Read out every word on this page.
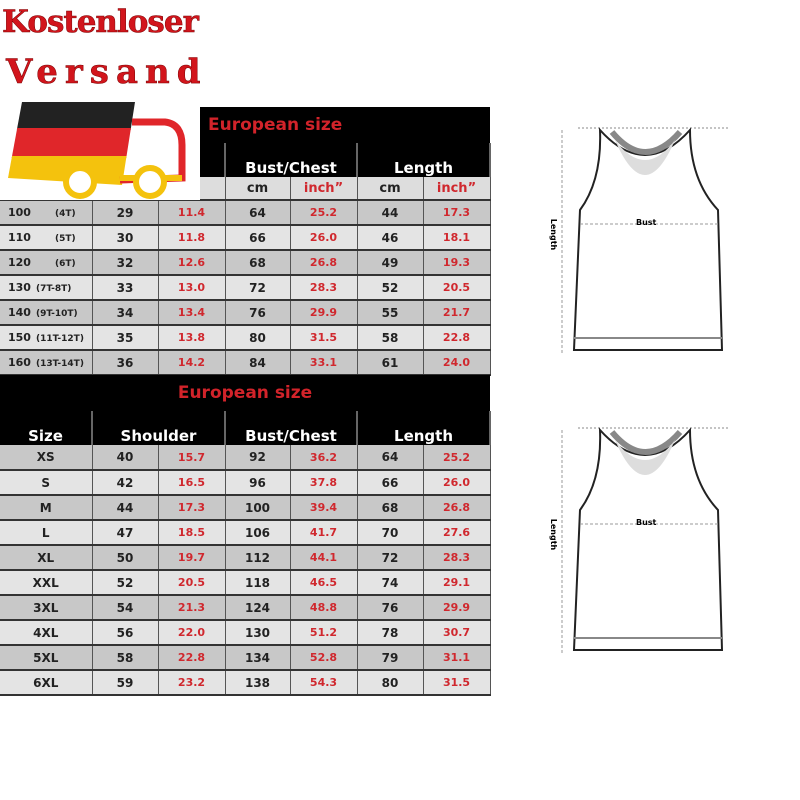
European size						
			Bust/Chest		Length	
			cm	inch”	cm	inch”
100 (4T)	29	11.4	64	25.2	44	17.3
110 (5T)	30	11.8	66	26.0	46	18.1
120 (6T)	32	12.6	68	26.8	49	19.3
130 (7T-8T)	33	13.0	72	28.3	52	20.5
140 (9T-10T)	34	13.4	76	29.9	55	21.7
150 (11T-12T)	35	13.8	80	31.5	58	22.8
160 (13T-14T)	36	14.2	84	33.1	61	24.0
European size						
Size	Shoulder		Bust/Chest		Length	
XS	40	15.7	92	36.2	64	25.2
S	42	16.5	96	37.8	66	26.0
M	44	17.3	100	39.4	68	26.8
L	47	18.5	106	41.7	70	27.6
XL	50	19.7	112	44.1	72	28.3
XXL	52	20.5	118	46.5	74	29.1
3XL	54	21.3	124	48.8	76	29.9
4XL	56	22.0	130	51.2	78	30.7
5XL	58	22.8	134	52.8	79	31.1
6XL	59	23.2	138	54.3	80	31.5
Kostenloser
Versand
Bust
Length
Bust
Length
